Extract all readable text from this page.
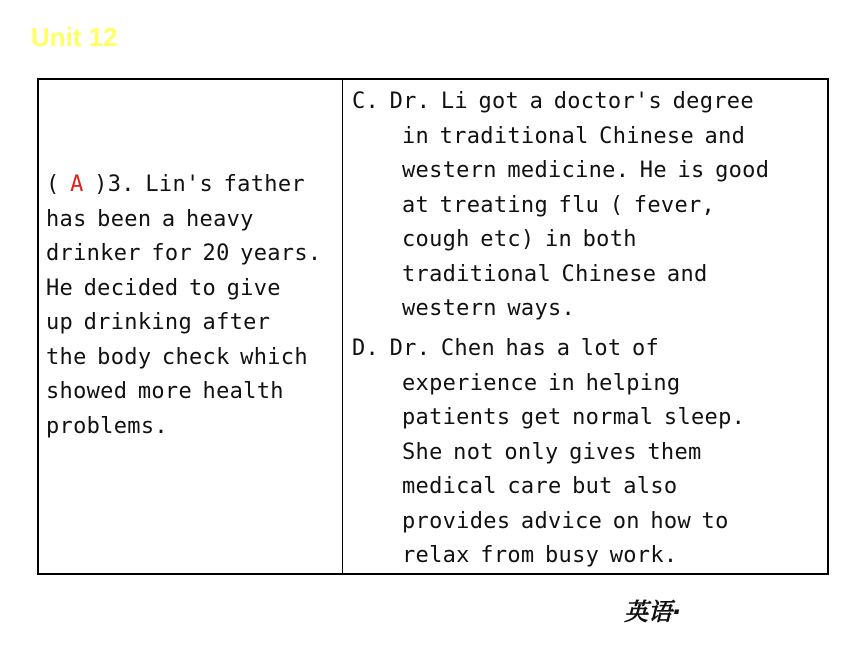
Unit 12
( A )3. Lin's father
has been a heavy
drinker for 20 years.
He decided to give
up drinking after
the body check which
showed more health
problems.
C. Dr. Li got a doctor's degree
in traditional Chinese and
western medicine. He is good
at treating flu ( fever,
cough etc) in both
traditional Chinese and
western ways.
D. Dr. Chen has a lot of
experience in helping
patients get normal sleep.
She not only gives them
medical care but also
provides advice on how to
relax from busy work.
英语·
